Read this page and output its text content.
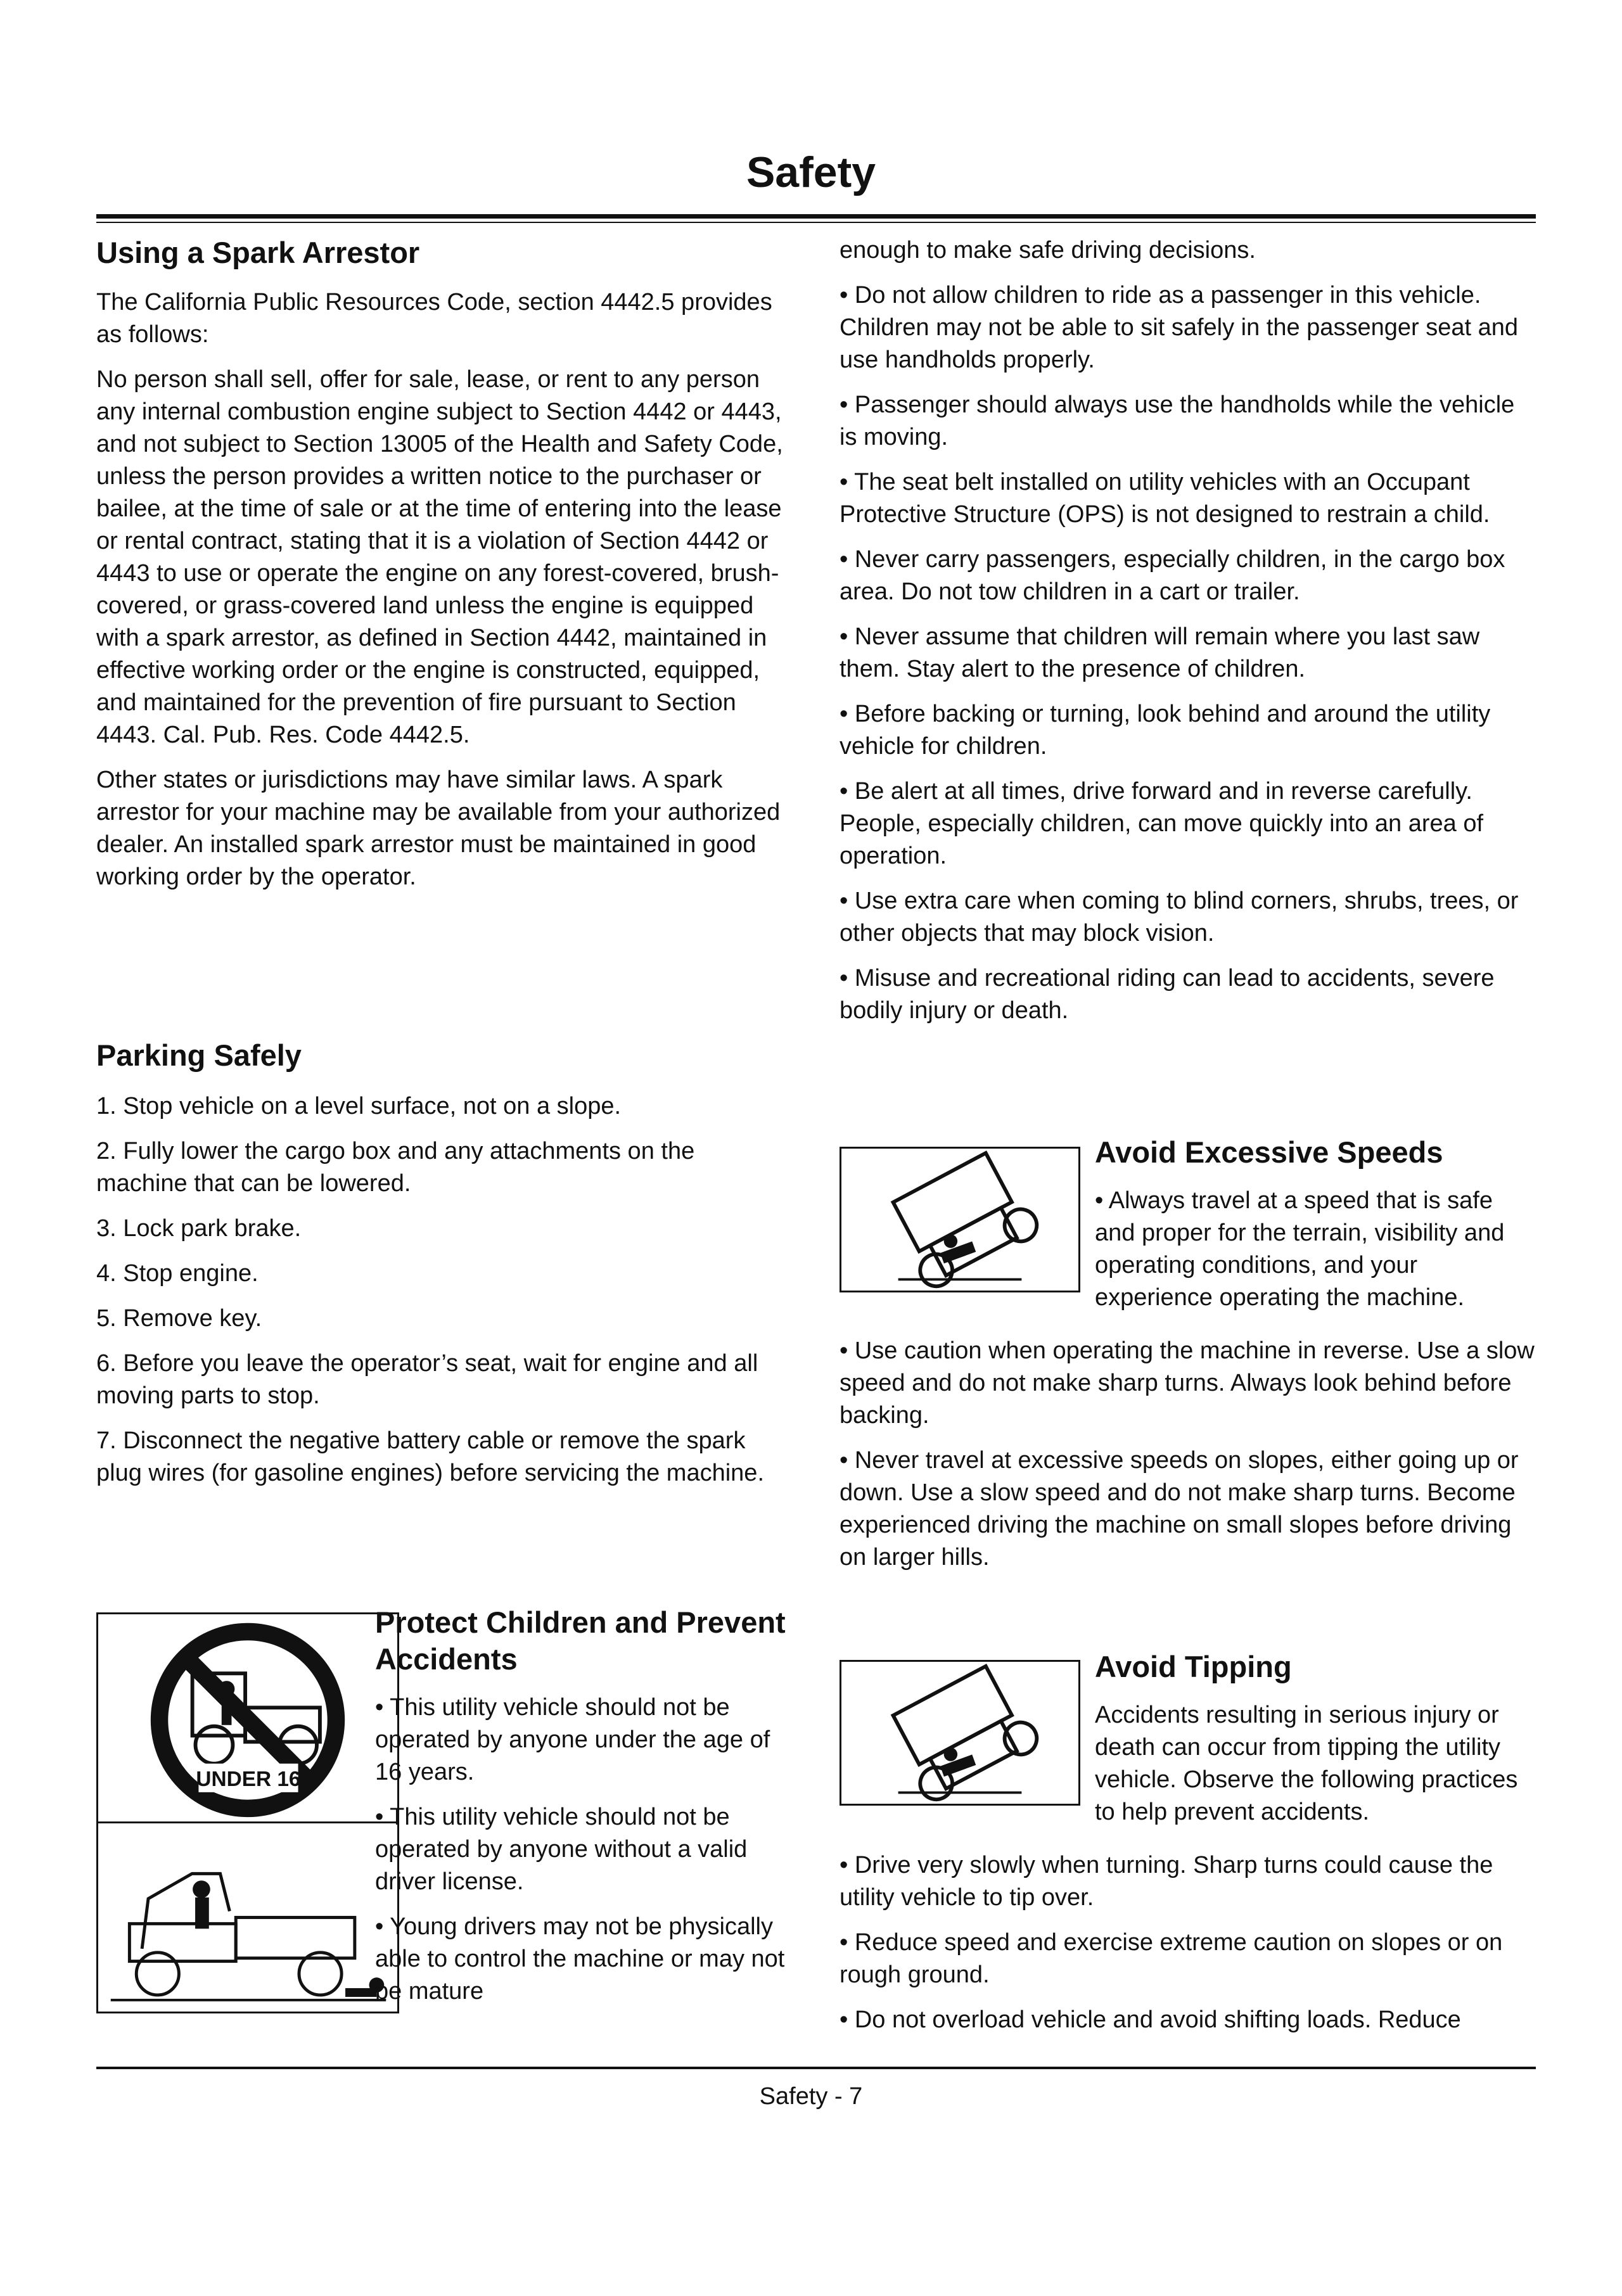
Safety
Using a Spark Arrestor

The California Public Resources Code, section 4442.5 provides as follows:

No person shall sell, offer for sale, lease, or rent to any person any internal combustion engine subject to Section 4442 or 4443, and not subject to Section 13005 of the Health and Safety Code, unless the person provides a written notice to the purchaser or bailee, at the time of sale or at the time of entering into the lease or rental contract, stating that it is a violation of Section 4442 or 4443 to use or operate the engine on any forest-covered, brush-covered, or grass-covered land unless the engine is equipped with a spark arrestor, as defined in Section 4442, maintained in effective working order or the engine is constructed, equipped, and maintained for the prevention of fire pursuant to Section 4443. Cal. Pub. Res. Code 4442.5.

Other states or jurisdictions may have similar laws. A spark arrestor for your machine may be available from your authorized dealer. An installed spark arrestor must be maintained in good working order by the operator.

Parking Safely

1. Stop vehicle on a level surface, not on a slope.

2. Fully lower the cargo box and any attachments on the machine that can be lowered.

3. Lock park brake.

4. Stop engine.

5. Remove key.

6. Before you leave the operator’s seat, wait for engine and all moving parts to stop.

7. Disconnect the negative battery cable or remove the spark plug wires (for gasoline engines) before servicing the machine.

UNDER 16
Protect Children and Prevent Accidents

• This utility vehicle should not be operated by anyone under the age of 16 years.

• This utility vehicle should not be operated by anyone without a valid driver license.

• Young drivers may not be physically able to control the machine or may not be mature

enough to make safe driving decisions.

• Do not allow children to ride as a passenger in this vehicle. Children may not be able to sit safely in the passenger seat and use handholds properly.

• Passenger should always use the handholds while the vehicle is moving.

• The seat belt installed on utility vehicles with an Occupant Protective Structure (OPS) is not designed to restrain a child.

• Never carry passengers, especially children, in the cargo box area. Do not tow children in a cart or trailer.

• Never assume that children will remain where you last saw them. Stay alert to the presence of children.

• Before backing or turning, look behind and around the utility vehicle for children.

• Be alert at all times, drive forward and in reverse carefully. People, especially children, can move quickly into an area of operation.

• Use extra care when coming to blind corners, shrubs, trees, or other objects that may block vision.

• Misuse and recreational riding can lead to accidents, severe bodily injury or death.

Avoid Excessive Speeds

• Always travel at a speed that is safe and proper for the terrain, visibility and operating conditions, and your experience operating the machine.

• Use caution when operating the machine in reverse. Use a slow speed and do not make sharp turns. Always look behind before backing.

• Never travel at excessive speeds on slopes, either going up or down. Use a slow speed and do not make sharp turns. Become experienced driving the machine on small slopes before driving on larger hills.

Avoid Tipping

Accidents resulting in serious injury or death can occur from tipping the utility vehicle. Observe the following practices to help prevent accidents.

• Drive very slowly when turning. Sharp turns could cause the utility vehicle to tip over.

• Reduce speed and exercise extreme caution on slopes or on rough ground.

• Do not overload vehicle and avoid shifting loads. Reduce

Safety - 7
